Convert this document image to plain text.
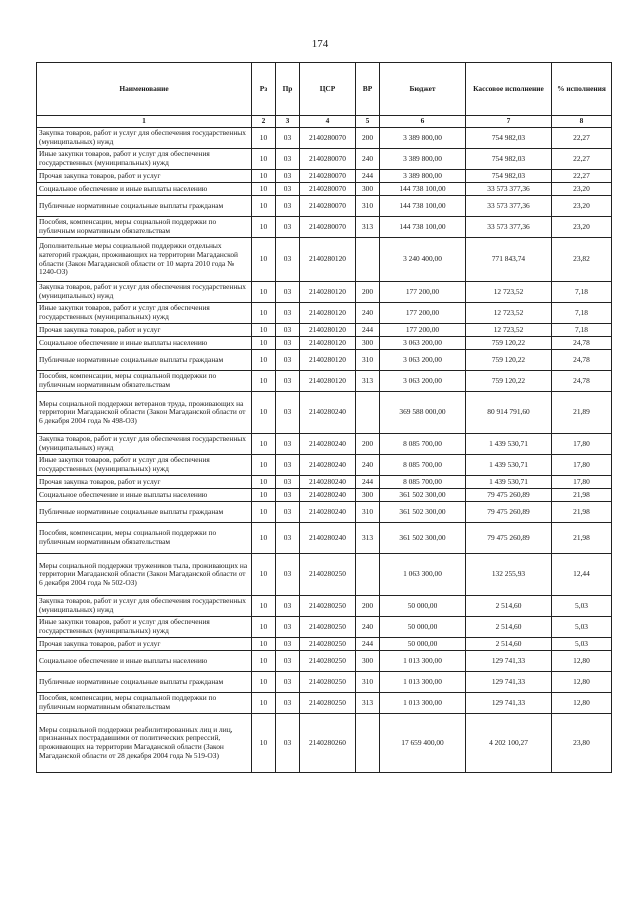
174
Наименование	Рз	Пр	ЦСР	ВР	Бюджет	Кассовое исполнение	% исполнения
1	2	3	4	5	6	7	8
Закупка товаров, работ и услуг для обеспечения государственных (муниципальных) нужд	10	03	2140280070	200	3 389 800,00	754 982,03	22,27
Иные закупки товаров, работ и услуг для обеспечения государственных (муниципальных) нужд	10	03	2140280070	240	3 389 800,00	754 982,03	22,27
Прочая закупка товаров, работ и услуг	10	03	2140280070	244	3 389 800,00	754 982,03	22,27
Социальное обеспечение и иные выплаты населению	10	03	2140280070	300	144 738 100,00	33 573 377,36	23,20
Публичные нормативные социальные выплаты гражданам	10	03	2140280070	310	144 738 100,00	33 573 377,36	23,20
Пособия, компенсации, меры социальной поддержки по публичным нормативным обязательствам	10	03	2140280070	313	144 738 100,00	33 573 377,36	23,20
Дополнительные меры социальной поддержки отдельных категорий граждан, проживающих на территории Магаданской области (Закон Магаданской области от 10 марта 2010 года № 1240-ОЗ)	10	03	2140280120		3 240 400,00	771 843,74	23,82
Закупка товаров, работ и услуг для обеспечения государственных (муниципальных) нужд	10	03	2140280120	200	177 200,00	12 723,52	7,18
Иные закупки товаров, работ и услуг для обеспечения государственных (муниципальных) нужд	10	03	2140280120	240	177 200,00	12 723,52	7,18
Прочая закупка товаров, работ и услуг	10	03	2140280120	244	177 200,00	12 723,52	7,18
Социальное обеспечение и иные выплаты населению	10	03	2140280120	300	3 063 200,00	759 120,22	24,78
Публичные нормативные социальные выплаты гражданам	10	03	2140280120	310	3 063 200,00	759 120,22	24,78
Пособия, компенсации, меры социальной поддержки по публичным нормативным обязательствам	10	03	2140280120	313	3 063 200,00	759 120,22	24,78
Меры социальной поддержки ветеранов труда, проживающих на территории Магаданской области (Закон Магаданской области от 6 декабря 2004 года № 498-ОЗ)	10	03	2140280240		369 588 000,00	80 914 791,60	21,89
Закупка товаров, работ и услуг для обеспечения государственных (муниципальных) нужд	10	03	2140280240	200	8 085 700,00	1 439 530,71	17,80
Иные закупки товаров, работ и услуг для обеспечения государственных (муниципальных) нужд	10	03	2140280240	240	8 085 700,00	1 439 530,71	17,80
Прочая закупка товаров, работ и услуг	10	03	2140280240	244	8 085 700,00	1 439 530,71	17,80
Социальное обеспечение и иные выплаты населению	10	03	2140280240	300	361 502 300,00	79 475 260,89	21,98
Публичные нормативные социальные выплаты гражданам	10	03	2140280240	310	361 502 300,00	79 475 260,89	21,98
Пособия, компенсации, меры социальной поддержки по публичным нормативным обязательствам	10	03	2140280240	313	361 502 300,00	79 475 260,89	21,98
Меры социальной поддержки тружеников тыла, проживающих на территории Магаданской области (Закон Магаданской области от 6 декабря 2004 года № 502-ОЗ)	10	03	2140280250		1 063 300,00	132 255,93	12,44
Закупка товаров, работ и услуг для обеспечения государственных (муниципальных) нужд	10	03	2140280250	200	50 000,00	2 514,60	5,03
Иные закупки товаров, работ и услуг для обеспечения государственных (муниципальных) нужд	10	03	2140280250	240	50 000,00	2 514,60	5,03
Прочая закупка товаров, работ и услуг	10	03	2140280250	244	50 000,00	2 514,60	5,03
Социальное обеспечение и иные выплаты населению	10	03	2140280250	300	1 013 300,00	129 741,33	12,80
Публичные нормативные социальные выплаты гражданам	10	03	2140280250	310	1 013 300,00	129 741,33	12,80
Пособия, компенсации, меры социальной поддержки по публичным нормативным обязательствам	10	03	2140280250	313	1 013 300,00	129 741,33	12,80
Меры социальной поддержки реабилитированных лиц и лиц, признанных пострадавшими от политических репрессий, проживающих на территории Магаданской области (Закон Магаданской области от 28 декабря 2004 года № 519-ОЗ)	10	03	2140280260		17 659 400,00	4 202 100,27	23,80
